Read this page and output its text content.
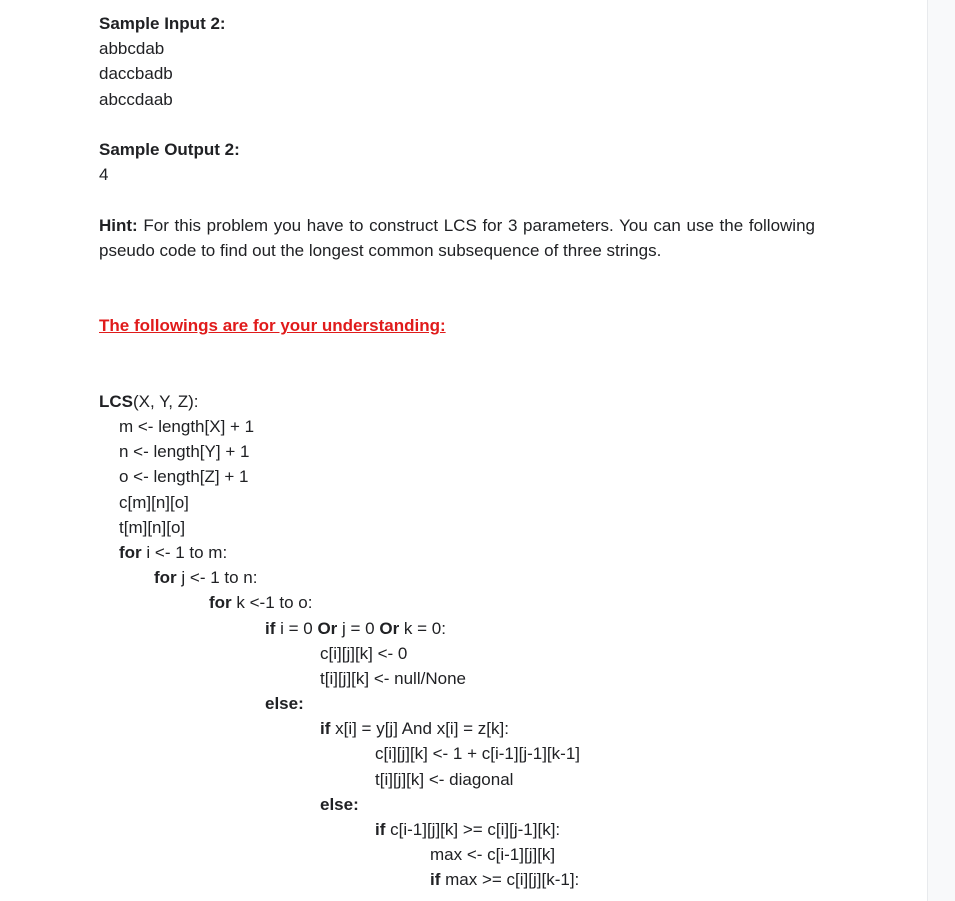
Sample Input 2:
abbcdab
daccbadb
abccdaab
Sample Output 2:
4
Hint: For this problem you have to construct LCS for 3 parameters. You can use the following pseudo code to find out the longest common subsequence of three strings.
The followings are for your understanding:
LCS(X, Y, Z):
m <- length[X] + 1
n <- length[Y] + 1
o <- length[Z] + 1
c[m][n][o]
t[m][n][o]
for i <- 1 to m:
for j <- 1 to n:
for k <-1 to o:
if i = 0 Or j = 0 Or k = 0:
c[i][j][k] <- 0
t[i][j][k] <- null/None
else:
if x[i] = y[j] And x[i] = z[k]:
c[i][j][k] <- 1 + c[i-1][j-1][k-1]
t[i][j][k] <- diagonal
else:
if c[i-1][j][k] >= c[i][j-1][k]:
max <- c[i-1][j][k]
if max >= c[i][j][k-1]:
